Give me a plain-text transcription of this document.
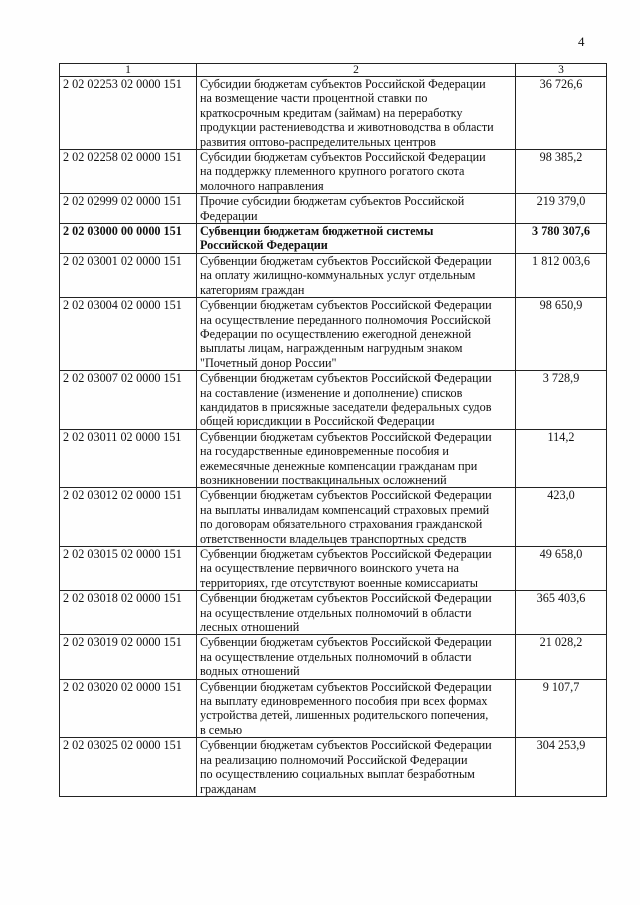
4
1	2	3
2 02 02253 02 0000 151	Субсидии бюджетам субъектов Российской Федерации
на возмещение части процентной ставки по
краткосрочным кредитам (займам) на переработку
продукции растениеводства и животноводства в области
развития оптово-распределительных центров	36 726,6
2 02 02258 02 0000 151	Субсидии бюджетам субъектов Российской Федерации
на поддержку племенного крупного рогатого скота
молочного направления	98 385,2
2 02 02999 02 0000 151	Прочие субсидии бюджетам субъектов Российской
Федерации	219 379,0
2 02 03000 00 0000 151	Субвенции бюджетам бюджетной системы
Российской Федерации	3 780 307,6
2 02 03001 02 0000 151	Субвенции бюджетам субъектов Российской Федерации
на оплату жилищно-коммунальных услуг отдельным
категориям граждан	1 812 003,6
2 02 03004 02 0000 151	Субвенции бюджетам субъектов Российской Федерации
на осуществление переданного полномочия Российской
Федерации по осуществлению ежегодной денежной
выплаты лицам, награжденным нагрудным знаком
"Почетный донор России"	98 650,9
2 02 03007 02 0000 151	Субвенции бюджетам субъектов Российской Федерации
на составление (изменение и дополнение) списков
кандидатов в присяжные заседатели федеральных судов
общей юрисдикции в Российской Федерации	3 728,9
2 02 03011 02 0000 151	Субвенции бюджетам субъектов Российской Федерации
на государственные единовременные пособия и
ежемесячные денежные компенсации гражданам при
возникновении поствакцинальных осложнений	114,2
2 02 03012 02 0000 151	Субвенции бюджетам субъектов Российской Федерации
на выплаты инвалидам компенсаций страховых премий
по договорам обязательного страхования гражданской
ответственности владельцев транспортных средств	423,0
2 02 03015 02 0000 151	Субвенции бюджетам субъектов Российской Федерации
на осуществление первичного воинского учета на
территориях, где отсутствуют военные комиссариаты	49 658,0
2 02 03018 02 0000 151	Субвенции бюджетам субъектов Российской Федерации
на осуществление отдельных полномочий в области
лесных отношений	365 403,6
2 02 03019 02 0000 151	Субвенции бюджетам субъектов Российской Федерации
на осуществление отдельных полномочий в области
водных отношений	21 028,2
2 02 03020 02 0000 151	Субвенции бюджетам субъектов Российской Федерации
на выплату единовременного пособия при всех формах
устройства детей, лишенных родительского попечения,
в семью	9 107,7
2 02 03025 02 0000 151	Субвенции бюджетам субъектов Российской Федерации
на реализацию полномочий Российской Федерации
по осуществлению социальных выплат безработным
гражданам	304 253,9
